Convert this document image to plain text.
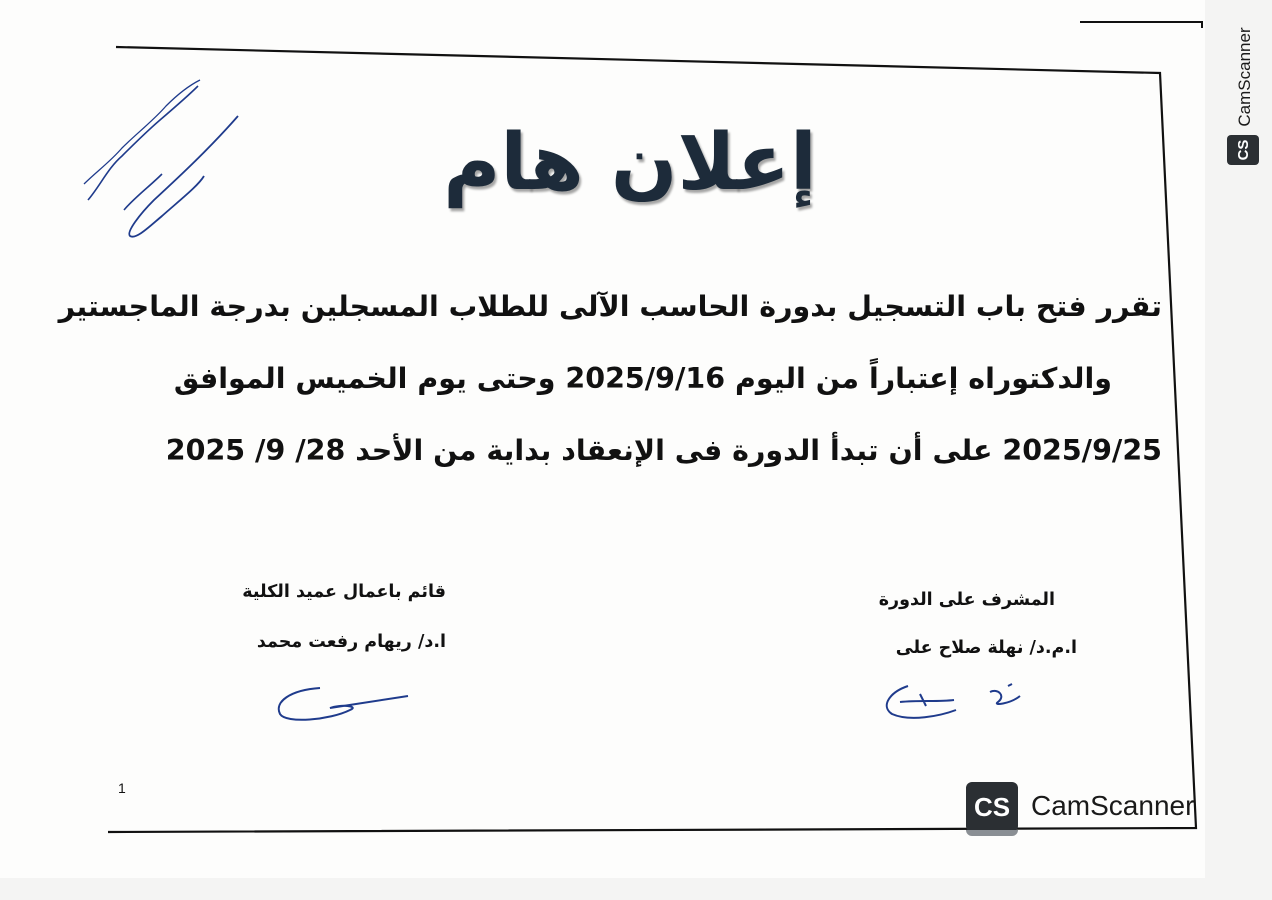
إعلان هام
تقرر فتح باب التسجيل بدورة الحاسب الآلى للطلاب المسجلين بدرجة الماجستير
والدكتوراه إعتباراً من اليوم 2025/9/16 وحتى يوم الخميس الموافق
2025/9/25 على أن تبدأ الدورة فى الإنعقاد بداية من الأحد 28/ 9/ 2025
قائم باعمال عميد الكلية
ا.د/ ريهام رفعت محمد
المشرف على الدورة
ا.م.د/ نهلة صلاح على
1
CS CamScanner
CS
CamScanner
